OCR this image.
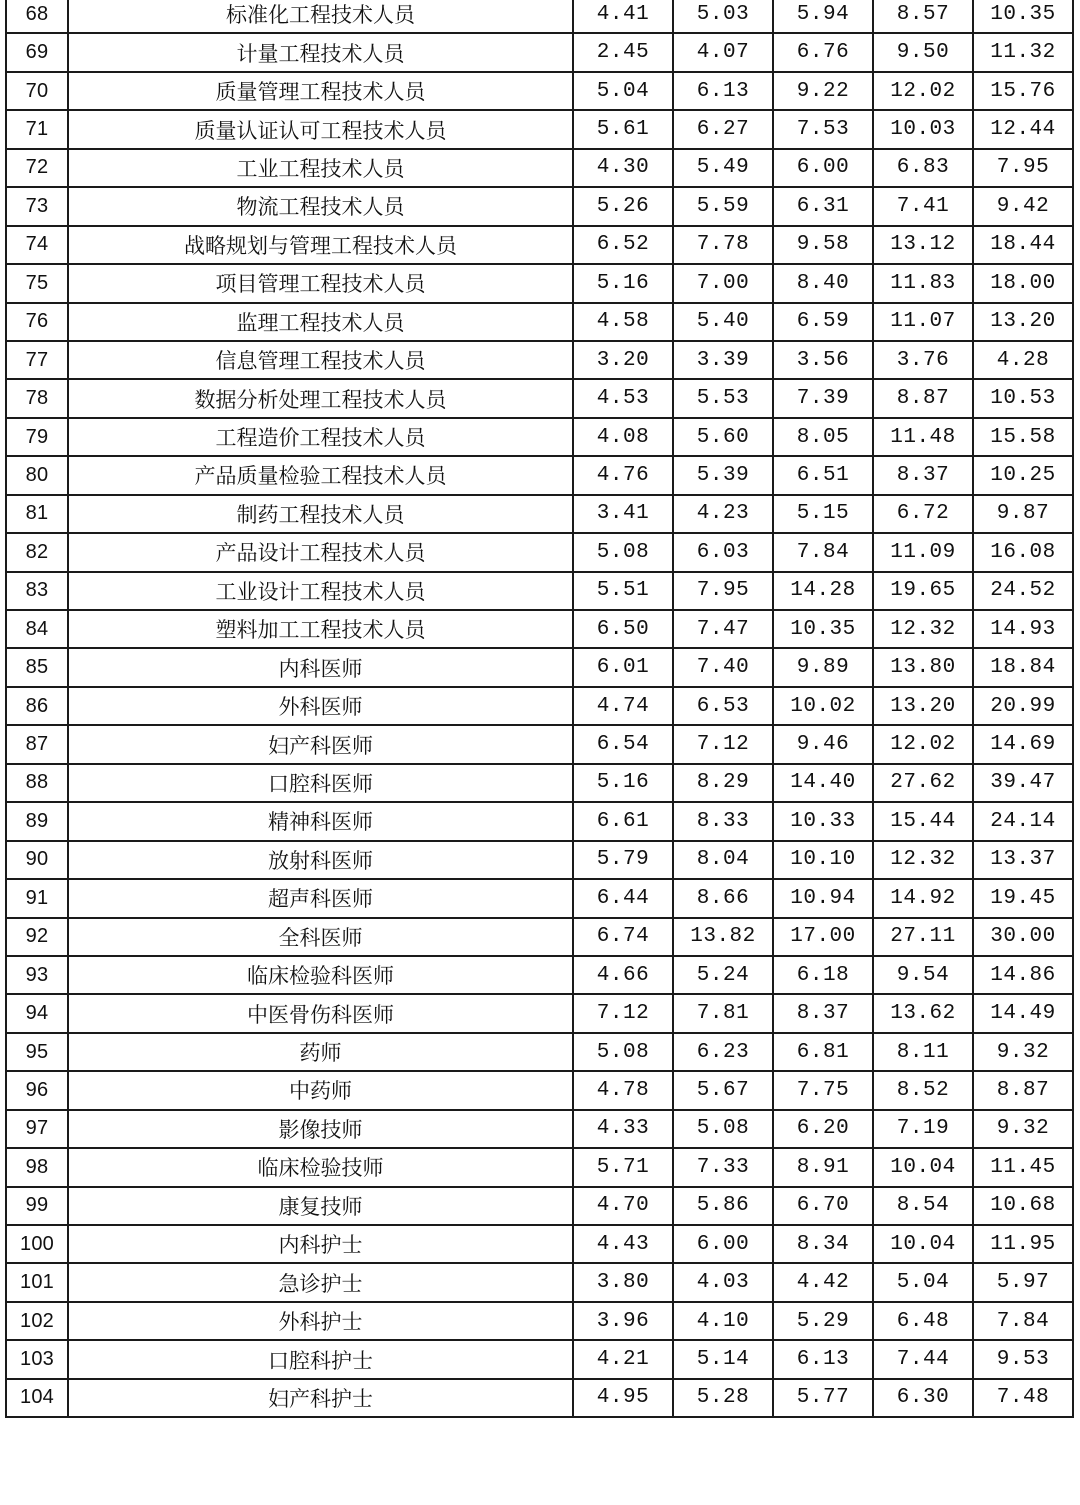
68	标准化工程技术人员	4.41	5.03	5.94	8.57	10.35
69	计量工程技术人员	2.45	4.07	6.76	9.50	11.32
70	质量管理工程技术人员	5.04	6.13	9.22	12.02	15.76
71	质量认证认可工程技术人员	5.61	6.27	7.53	10.03	12.44
72	工业工程技术人员	4.30	5.49	6.00	6.83	7.95
73	物流工程技术人员	5.26	5.59	6.31	7.41	9.42
74	战略规划与管理工程技术人员	6.52	7.78	9.58	13.12	18.44
75	项目管理工程技术人员	5.16	7.00	8.40	11.83	18.00
76	监理工程技术人员	4.58	5.40	6.59	11.07	13.20
77	信息管理工程技术人员	3.20	3.39	3.56	3.76	4.28
78	数据分析处理工程技术人员	4.53	5.53	7.39	8.87	10.53
79	工程造价工程技术人员	4.08	5.60	8.05	11.48	15.58
80	产品质量检验工程技术人员	4.76	5.39	6.51	8.37	10.25
81	制药工程技术人员	3.41	4.23	5.15	6.72	9.87
82	产品设计工程技术人员	5.08	6.03	7.84	11.09	16.08
83	工业设计工程技术人员	5.51	7.95	14.28	19.65	24.52
84	塑料加工工程技术人员	6.50	7.47	10.35	12.32	14.93
85	内科医师	6.01	7.40	9.89	13.80	18.84
86	外科医师	4.74	6.53	10.02	13.20	20.99
87	妇产科医师	6.54	7.12	9.46	12.02	14.69
88	口腔科医师	5.16	8.29	14.40	27.62	39.47
89	精神科医师	6.61	8.33	10.33	15.44	24.14
90	放射科医师	5.79	8.04	10.10	12.32	13.37
91	超声科医师	6.44	8.66	10.94	14.92	19.45
92	全科医师	6.74	13.82	17.00	27.11	30.00
93	临床检验科医师	4.66	5.24	6.18	9.54	14.86
94	中医骨伤科医师	7.12	7.81	8.37	13.62	14.49
95	药师	5.08	6.23	6.81	8.11	9.32
96	中药师	4.78	5.67	7.75	8.52	8.87
97	影像技师	4.33	5.08	6.20	7.19	9.32
98	临床检验技师	5.71	7.33	8.91	10.04	11.45
99	康复技师	4.70	5.86	6.70	8.54	10.68
100	内科护士	4.43	6.00	8.34	10.04	11.95
101	急诊护士	3.80	4.03	4.42	5.04	5.97
102	外科护士	3.96	4.10	5.29	6.48	7.84
103	口腔科护士	4.21	5.14	6.13	7.44	9.53
104	妇产科护士	4.95	5.28	5.77	6.30	7.48
